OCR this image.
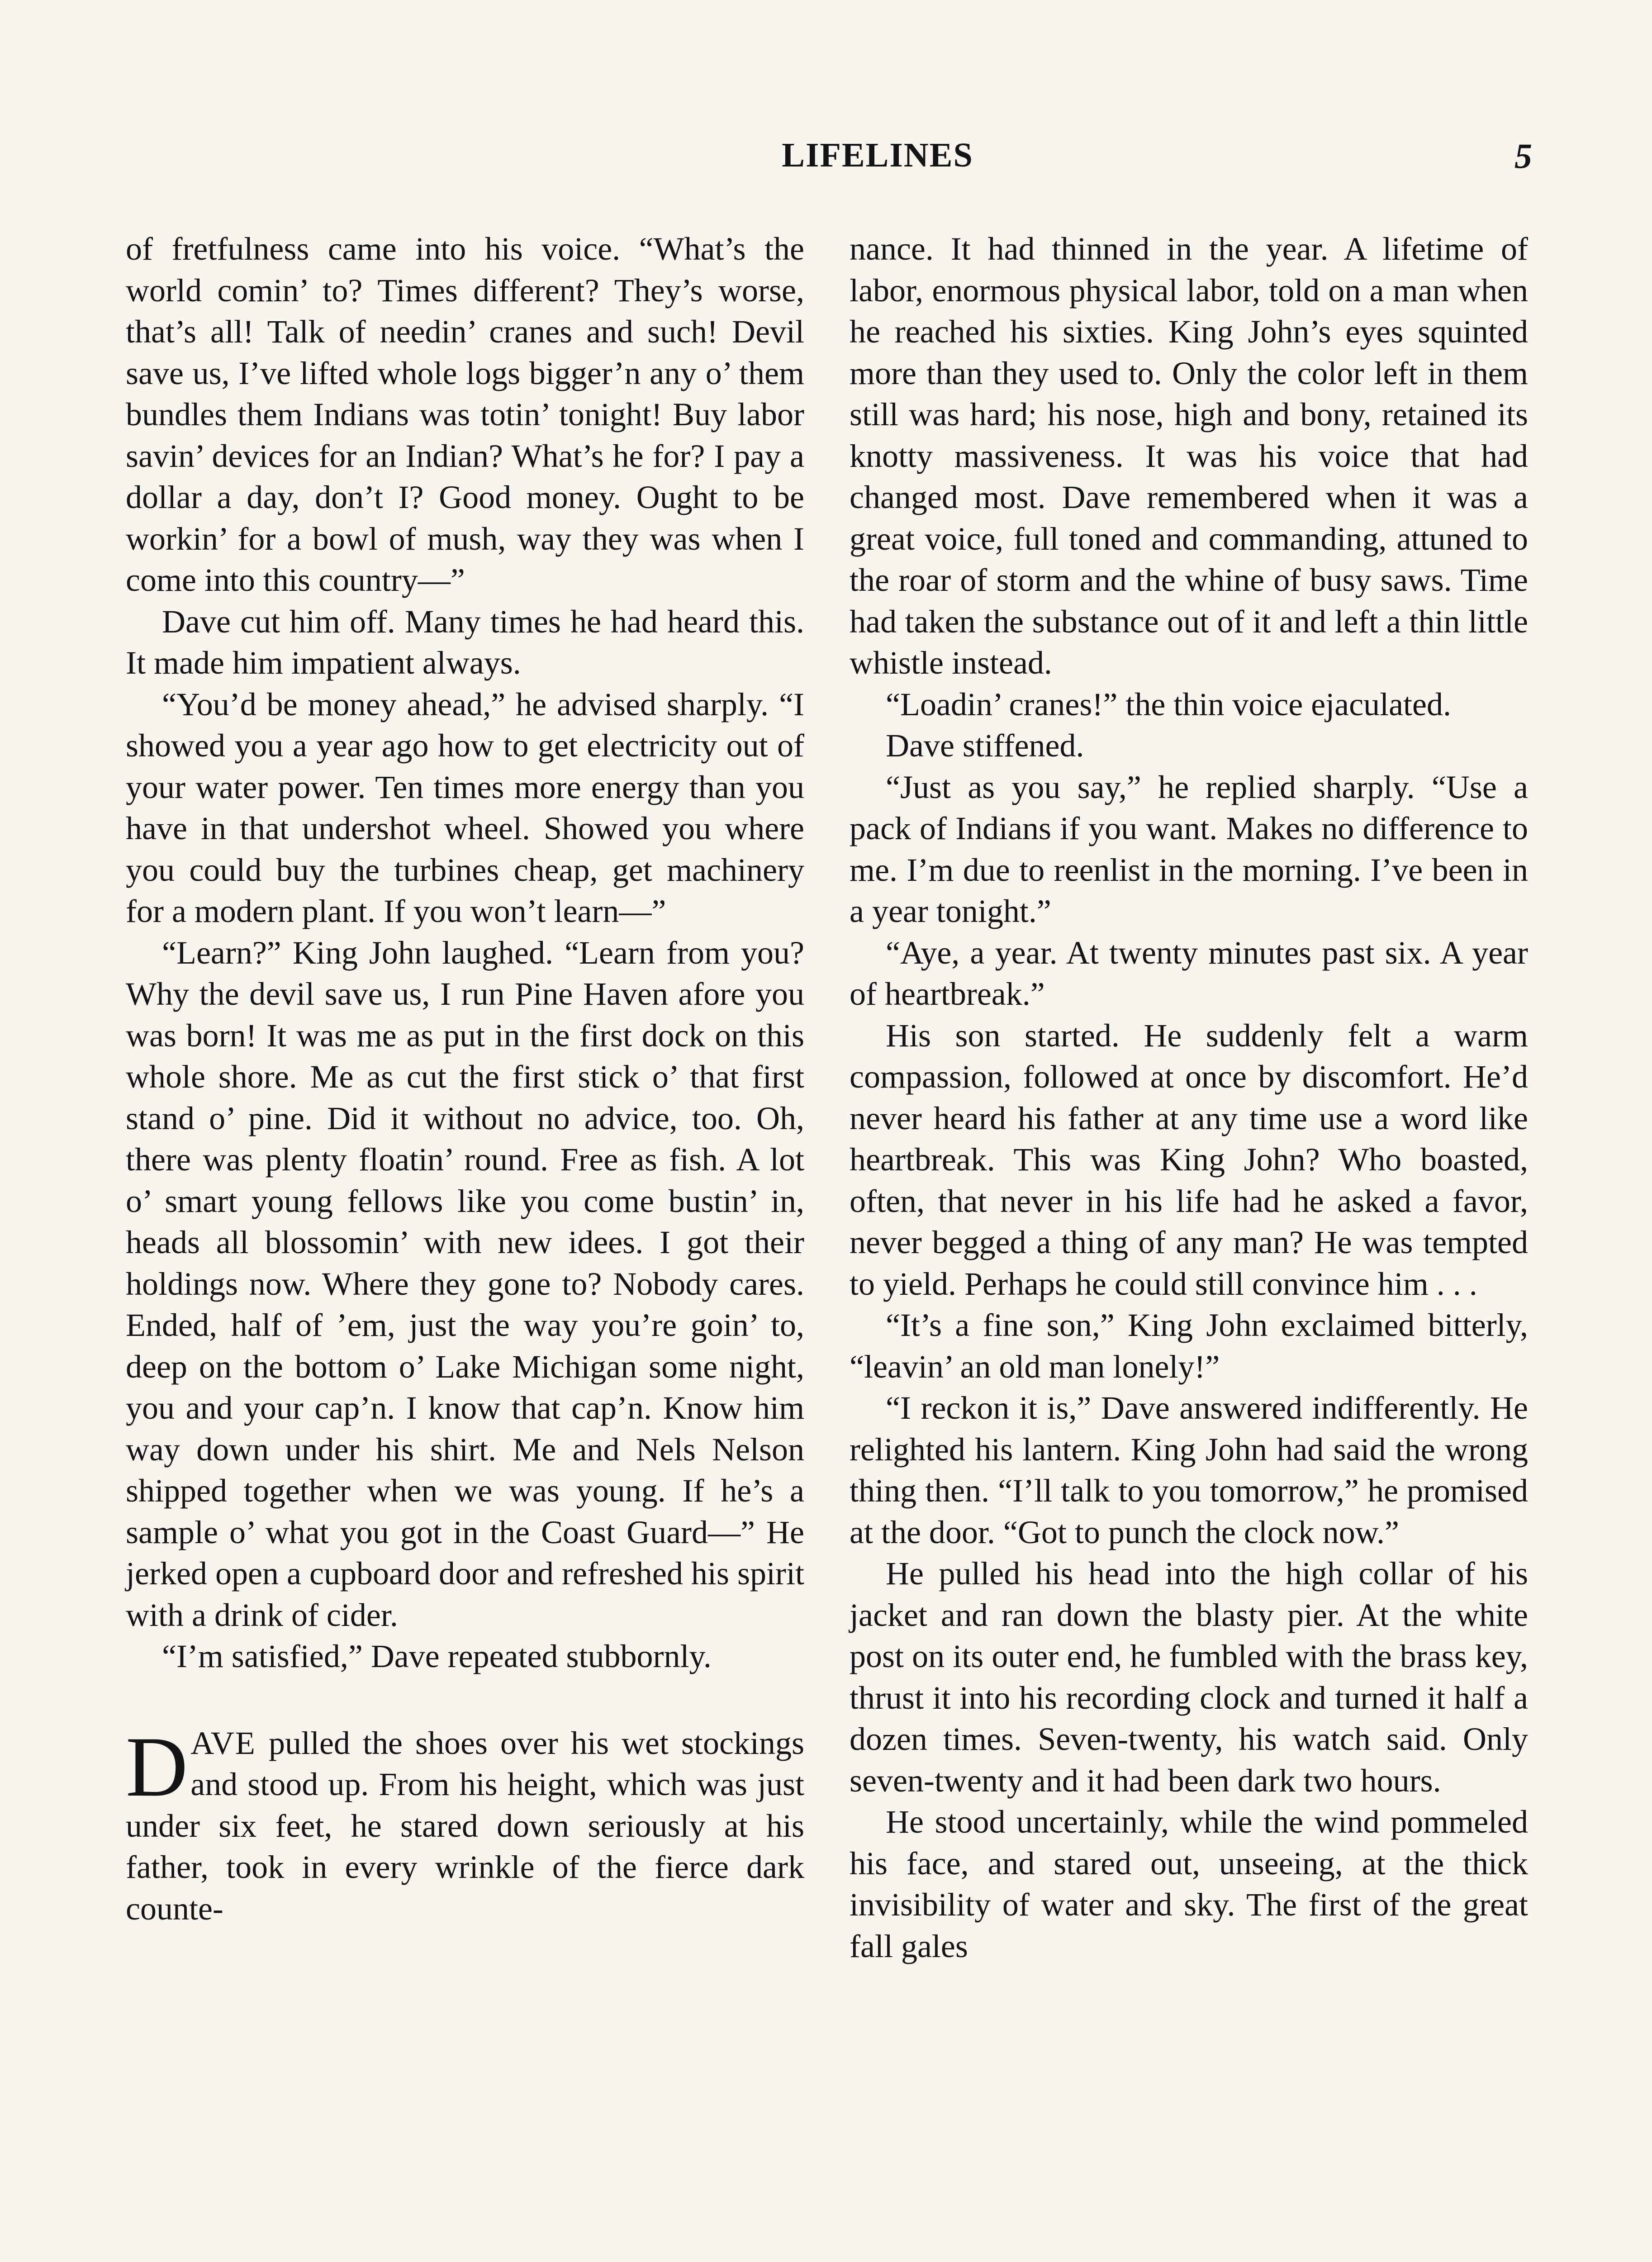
LIFELINES	5

of fretfulness came into his voice. “What’s the world comin’ to? Times different? They’s worse, that’s all! Talk of needin’ cranes and such! Devil save us, I’ve lifted whole logs bigger’n any o’ them bundles them Indians was totin’ tonight! Buy labor savin’ devices for an Indian? What’s he for? I pay a dollar a day, don’t I? Good money. Ought to be workin’ for a bowl of mush, way they was when I come into this country—”

Dave cut him off. Many times he had heard this. It made him impatient always.

“You’d be money ahead,” he advised sharply. “I showed you a year ago how to get electricity out of your water power. Ten times more energy than you have in that undershot wheel. Showed you where you could buy the turbines cheap, get machinery for a modern plant. If you won’t learn—”

“Learn?” King John laughed. “Learn from you? Why the devil save us, I run Pine Haven afore you was born! It was me as put in the first dock on this whole shore. Me as cut the first stick o’ that first stand o’ pine. Did it without no advice, too. Oh, there was plenty floatin’ round. Free as fish. A lot o’ smart young fellows like you come bustin’ in, heads all blossomin’ with new idees. I got their holdings now. Where they gone to? Nobody cares. Ended, half of ’em, just the way you’re goin’ to, deep on the bottom o’ Lake Michigan some night, you and your cap’n. I know that cap’n. Know him way down under his shirt. Me and Nels Nelson shipped together when we was young. If he’s a sample o’ what you got in the Coast Guard—” He jerked open a cupboard door and refreshed his spirit with a drink of cider.

“I’m satisfied,” Dave repeated stubbornly.

DAVE pulled the shoes over his wet stockings and stood up. From his height, which was just under six feet, he stared down seriously at his father, took in every wrinkle of the fierce dark counte-

nance. It had thinned in the year. A lifetime of labor, enormous physical labor, told on a man when he reached his sixties. King John’s eyes squinted more than they used to. Only the color left in them still was hard; his nose, high and bony, retained its knotty massiveness. It was his voice that had changed most. Dave remembered when it was a great voice, full toned and commanding, attuned to the roar of storm and the whine of busy saws. Time had taken the substance out of it and left a thin little whistle instead.

“Loadin’ cranes!” the thin voice ejaculated.

Dave stiffened.

“Just as you say,” he replied sharply. “Use a pack of Indians if you want. Makes no difference to me. I’m due to reenlist in the morning. I’ve been in a year tonight.”

“Aye, a year. At twenty minutes past six. A year of heartbreak.”

His son started. He suddenly felt a warm compassion, followed at once by discomfort. He’d never heard his father at any time use a word like heartbreak. This was King John? Who boasted, often, that never in his life had he asked a favor, never begged a thing of any man? He was tempted to yield. Perhaps he could still convince him . . .

“It’s a fine son,” King John exclaimed bitterly, “leavin’ an old man lonely!”

“I reckon it is,” Dave answered indifferently. He relighted his lantern. King John had said the wrong thing then. “I’ll talk to you tomorrow,” he promised at the door. “Got to punch the clock now.”

He pulled his head into the high collar of his jacket and ran down the blasty pier. At the white post on its outer end, he fumbled with the brass key, thrust it into his recording clock and turned it half a dozen times. Seven-twenty, his watch said. Only seven-twenty and it had been dark two hours.

He stood uncertainly, while the wind pommeled his face, and stared out, unseeing, at the thick invisibility of water and sky. The first of the great fall gales
